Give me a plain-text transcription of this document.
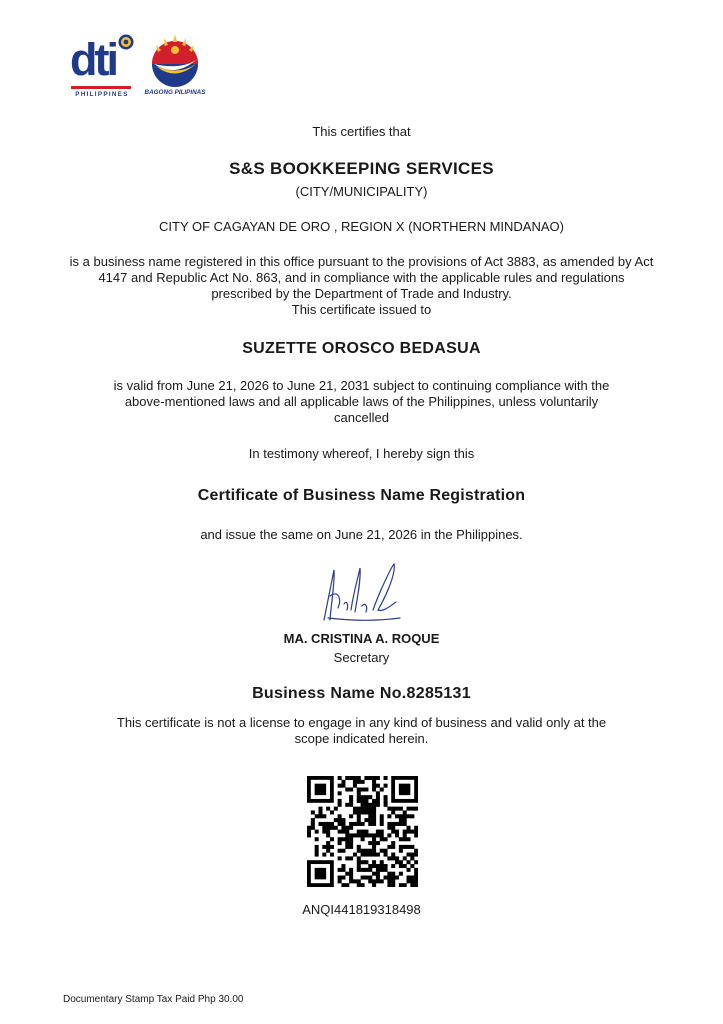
dti
PHILIPPINES	BAGONG PILIPINAS
This certifies that
S&S BOOKKEEPING SERVICES
(CITY/MUNICIPALITY)
CITY OF CAGAYAN DE ORO , REGION X (NORTHERN MINDANAO)
is a business name registered in this office pursuant to the provisions of Act 3883, as amended by Act
4147 and Republic Act No. 863, and in compliance with the applicable rules and regulations
prescribed by the Department of Trade and Industry.
This certificate issued to
SUZETTE OROSCO BEDASUA
is valid from June 21, 2026 to June 21, 2031 subject to continuing compliance with the
above-mentioned laws and all applicable laws of the Philippines, unless voluntarily
cancelled
In testimony whereof, I hereby sign this
Certificate of Business Name Registration
and issue the same on June 21, 2026 in the Philippines.
MA. CRISTINA A. ROQUE
Secretary
Business Name No.8285131
This certificate is not a license to engage in any kind of business and valid only at the
scope indicated herein.
ANQI441819318498
Documentary Stamp Tax Paid Php 30.00
